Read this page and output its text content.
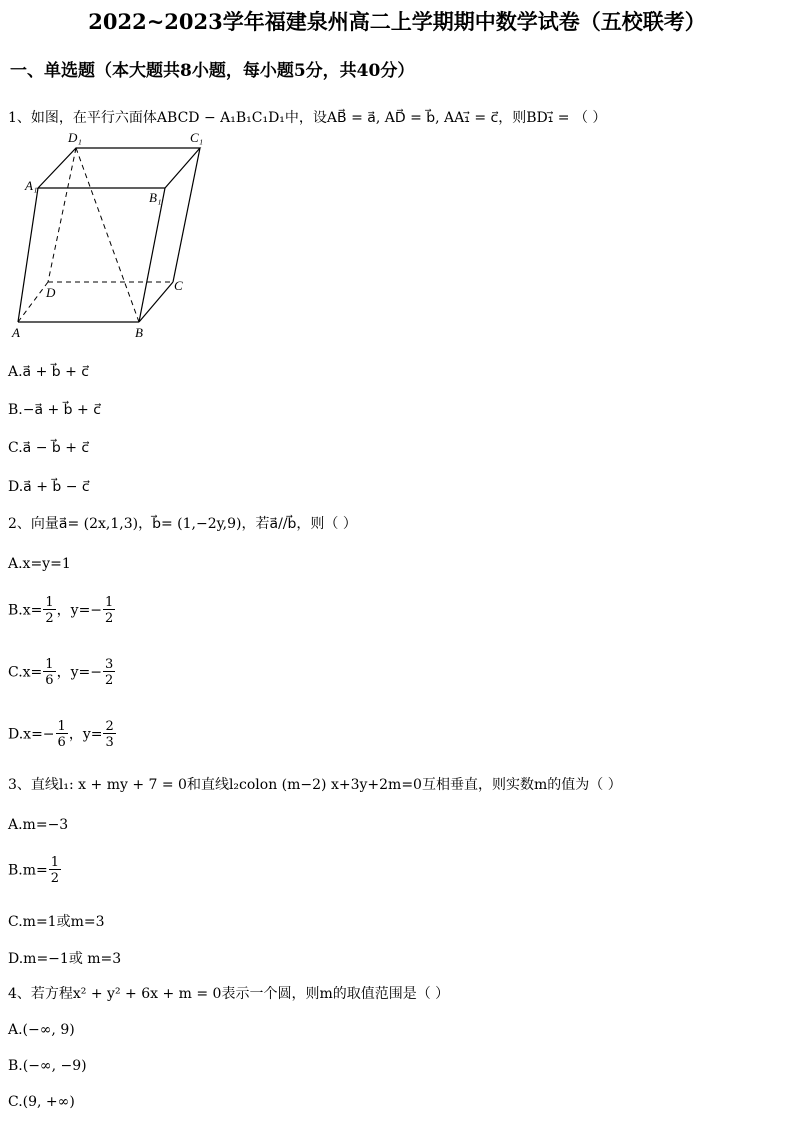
2022~2023学年福建泉州高二上学期期中数学试卷（五校联考）
一、单选题（本大题共8小题，每小题5分，共40分）
1、如图，在平行六面体ABCD − A₁B₁C₁D₁中，设AB⃗ = a⃗, AD⃗ = b⃗, AA₁⃗ = c⃗，则BD₁⃗ = （ ）
D₁	C₁
A₁
B₁
D	C
A	B
A.a⃗ + b⃗ + c⃗
B.−a⃗ + b⃗ + c⃗
C.a⃗ − b⃗ + c⃗
D.a⃗ + b⃗ − c⃗
2、向量a⃗= (2x,1,3)，b⃗= (1,−2y,9)，若a⃗//b⃗，则（ ）
A.x=y=1
$B.x= \frac{1}{2}$ ，$y=- \frac{1}{2}$
$C.x= \frac{1}{6}$ ，$y=- \frac{3}{2}$
$D.x=- \frac{1}{6}$ ，$y= \frac{2}{3}$
3、直线l₁: x + my + 7 = 0和直线l₂colon (m−2) x+3y+2m=0互相垂直，则实数m的值为（ ）
A.m=−3
$B.m= \frac{1}{2}$
C.m=1或m=3
D.m=−1或 m=3
4、若方程x² + y² + 6x + m = 0表示一个圆，则m的取值范围是（ ）
A.(−∞, 9)
B.(−∞, −9)
C.(9, +∞)
